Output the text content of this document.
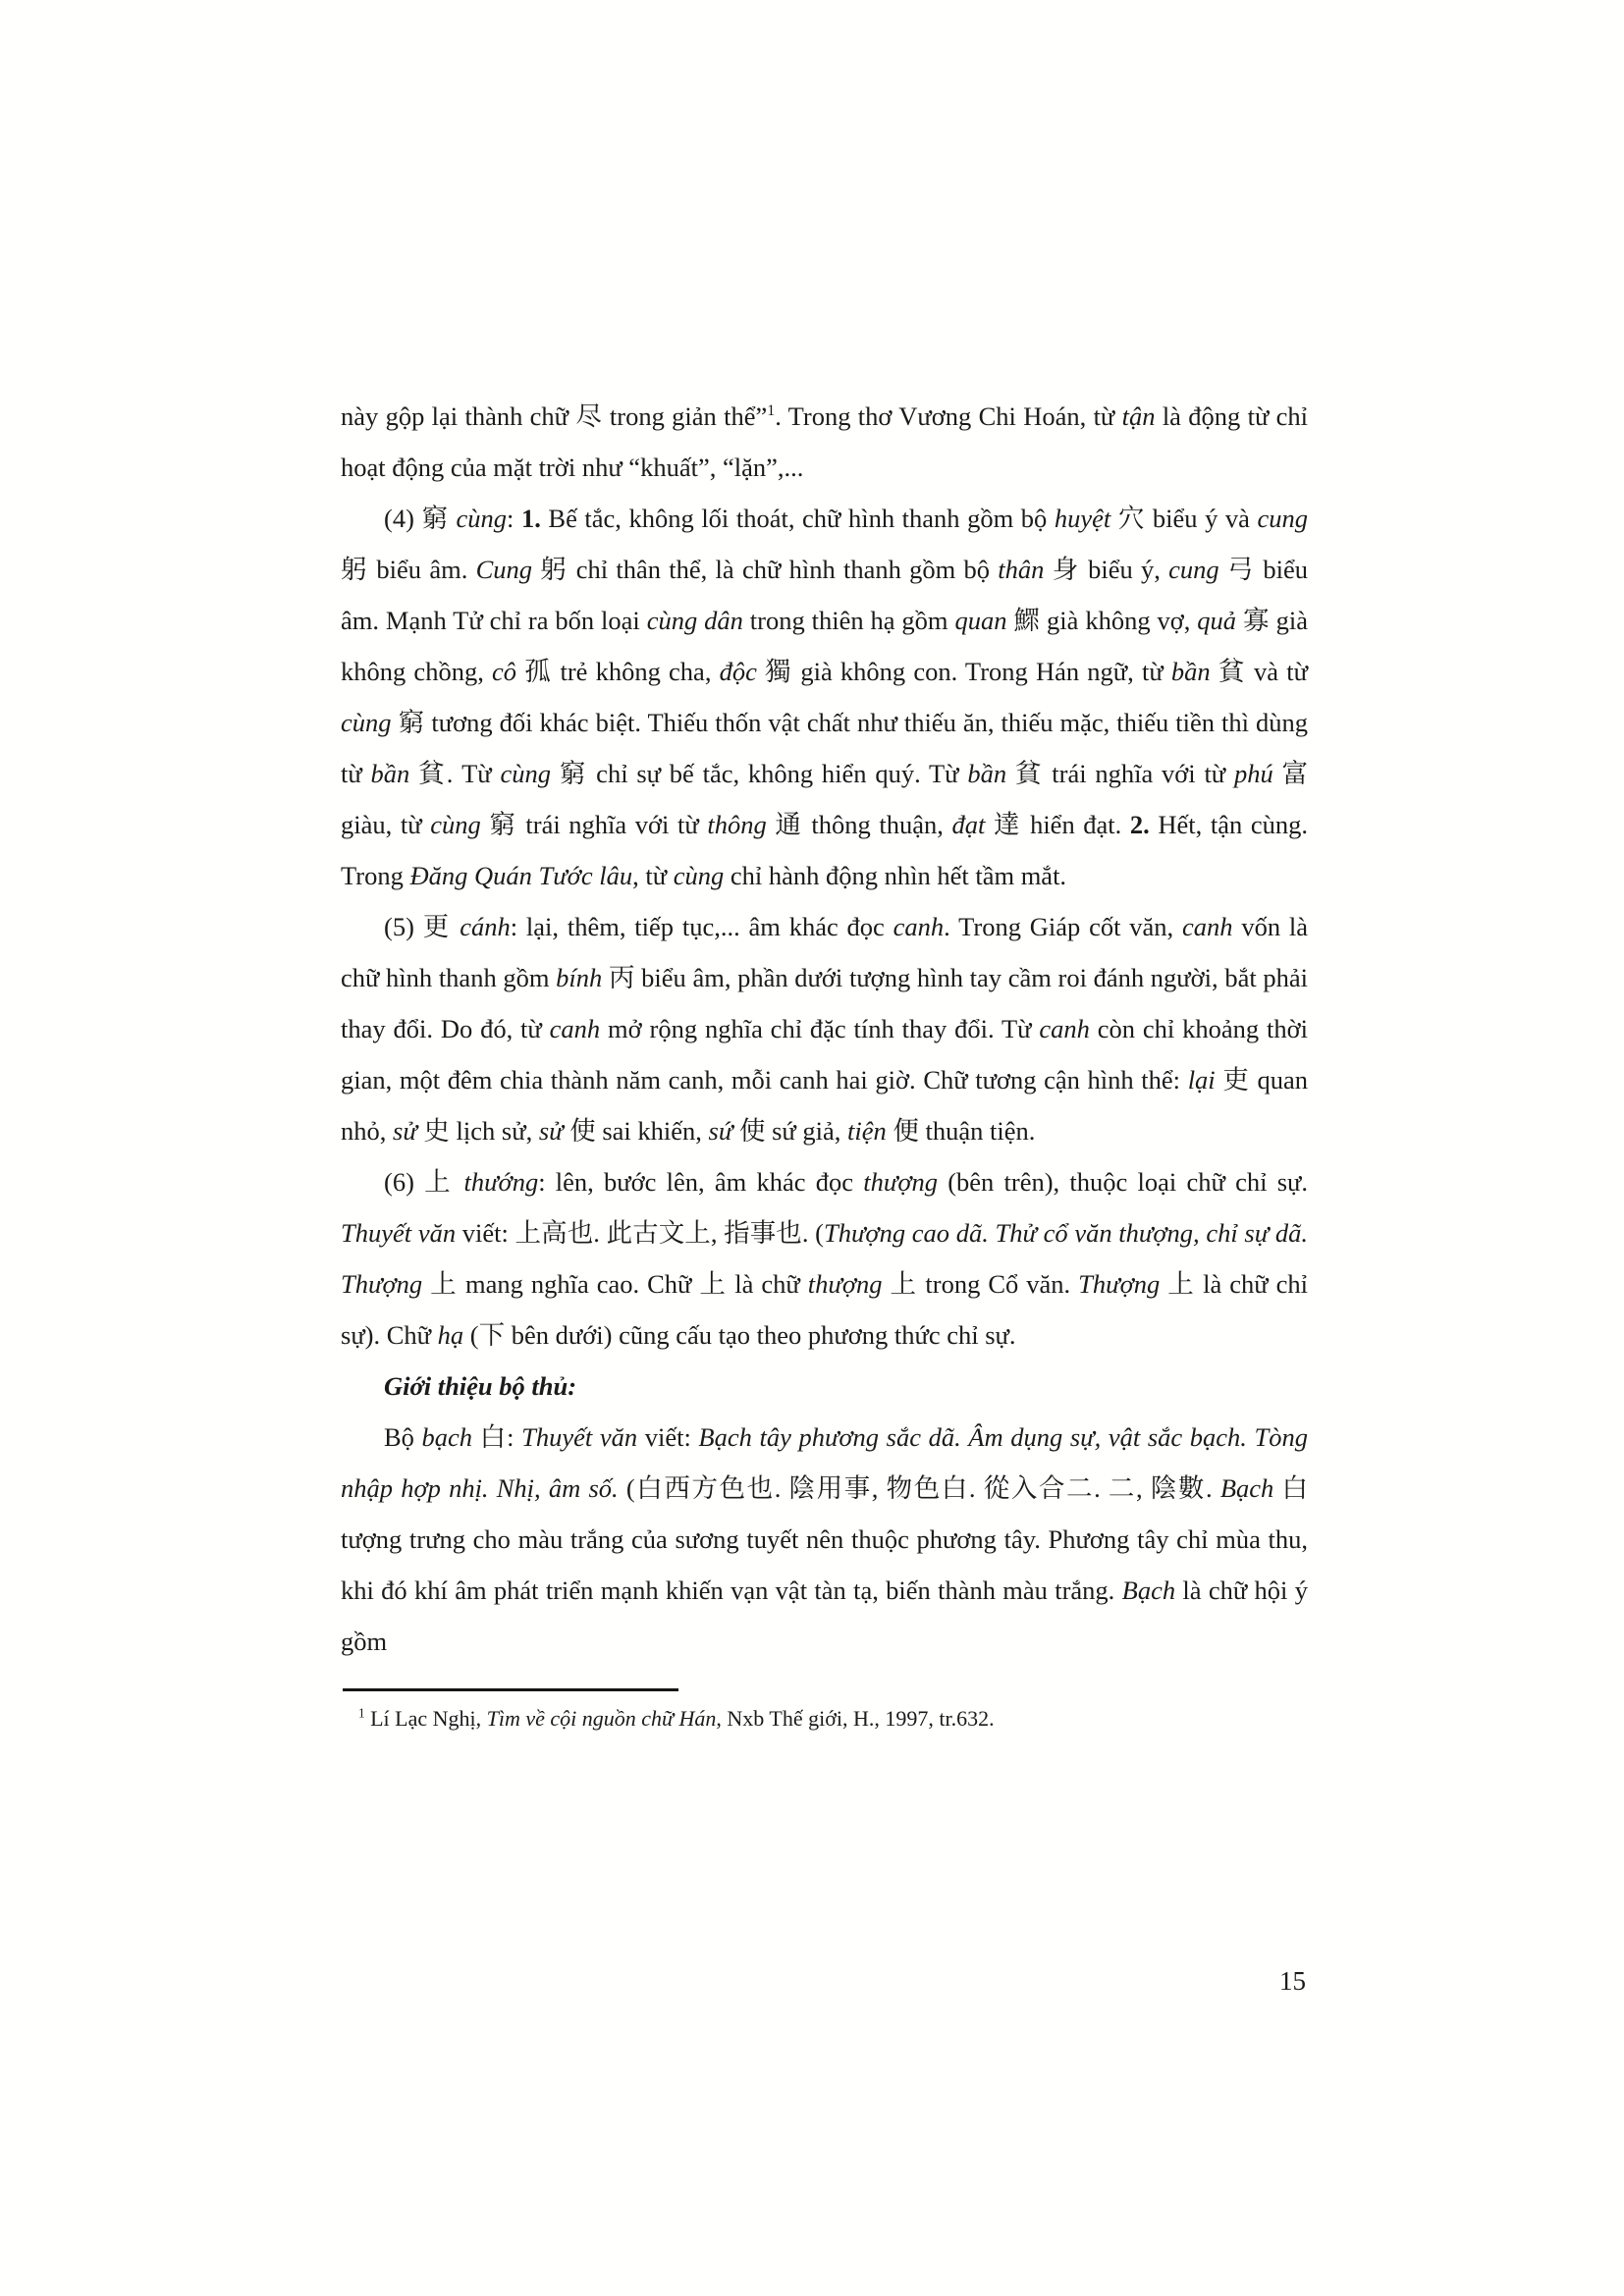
này gộp lại thành chữ 尽 trong giản thể”$^1$. Trong thơ Vương Chi Hoán, từ tận là động từ chỉ hoạt động của mặt trời như “khuất”, “lặn”,...

(4) 窮 cùng: 1. Bế tắc, không lối thoát, chữ hình thanh gồm bộ huyệt 穴 biểu ý và cung 躬 biểu âm. Cung 躬 chỉ thân thể, là chữ hình thanh gồm bộ thân 身 biểu ý, cung 弓 biểu âm. Mạnh Tử chỉ ra bốn loại cùng dân trong thiên hạ gồm quan 鰥 già không vợ, quả 寡 già không chồng, cô 孤 trẻ không cha, độc 獨 già không con. Trong Hán ngữ, từ bần 貧 và từ cùng 窮 tương đối khác biệt. Thiếu thốn vật chất như thiếu ăn, thiếu mặc, thiếu tiền thì dùng từ bần 貧. Từ cùng 窮 chỉ sự bế tắc, không hiển quý. Từ bần 貧 trái nghĩa với từ phú 富 giàu, từ cùng 窮 trái nghĩa với từ thông 通 thông thuận, đạt 達 hiển đạt. 2. Hết, tận cùng. Trong Đăng Quán Tước lâu, từ cùng chỉ hành động nhìn hết tầm mắt.

(5) 更 cánh: lại, thêm, tiếp tục,... âm khác đọc canh. Trong Giáp cốt văn, canh vốn là chữ hình thanh gồm bính 丙 biểu âm, phần dưới tượng hình tay cầm roi đánh người, bắt phải thay đổi. Do đó, từ canh mở rộng nghĩa chỉ đặc tính thay đổi. Từ canh còn chỉ khoảng thời gian, một đêm chia thành năm canh, mỗi canh hai giờ. Chữ tương cận hình thể: lại 吏 quan nhỏ, sử 史 lịch sử, sử 使 sai khiến, sứ 使 sứ giả, tiện 便 thuận tiện.

(6) 上 thướng: lên, bước lên, âm khác đọc thượng (bên trên), thuộc loại chữ chỉ sự. Thuyết văn viết: 上高也. 此古文上, 指事也. (Thượng cao dã. Thử cổ văn thượng, chỉ sự dã. Thượng 上 mang nghĩa cao. Chữ 上 là chữ thượng 上 trong Cổ văn. Thượng 上 là chữ chỉ sự). Chữ hạ (下 bên dưới) cũng cấu tạo theo phương thức chỉ sự.

Giới thiệu bộ thủ:

Bộ bạch 白: Thuyết văn viết: Bạch tây phương sắc dã. Âm dụng sự, vật sắc bạch. Tòng nhập hợp nhị. Nhị, âm số. (白西方色也. 陰用事, 物色白. 從入合二. 二, 陰數. Bạch 白 tượng trưng cho màu trắng của sương tuyết nên thuộc phương tây. Phương tây chỉ mùa thu, khi đó khí âm phát triển mạnh khiến vạn vật tàn tạ, biến thành màu trắng. Bạch là chữ hội ý gồm

$^1$ Lí Lạc Nghị, Tìm về cội nguồn chữ Hán, Nxb Thế giới, H., 1997, tr.632.

15
